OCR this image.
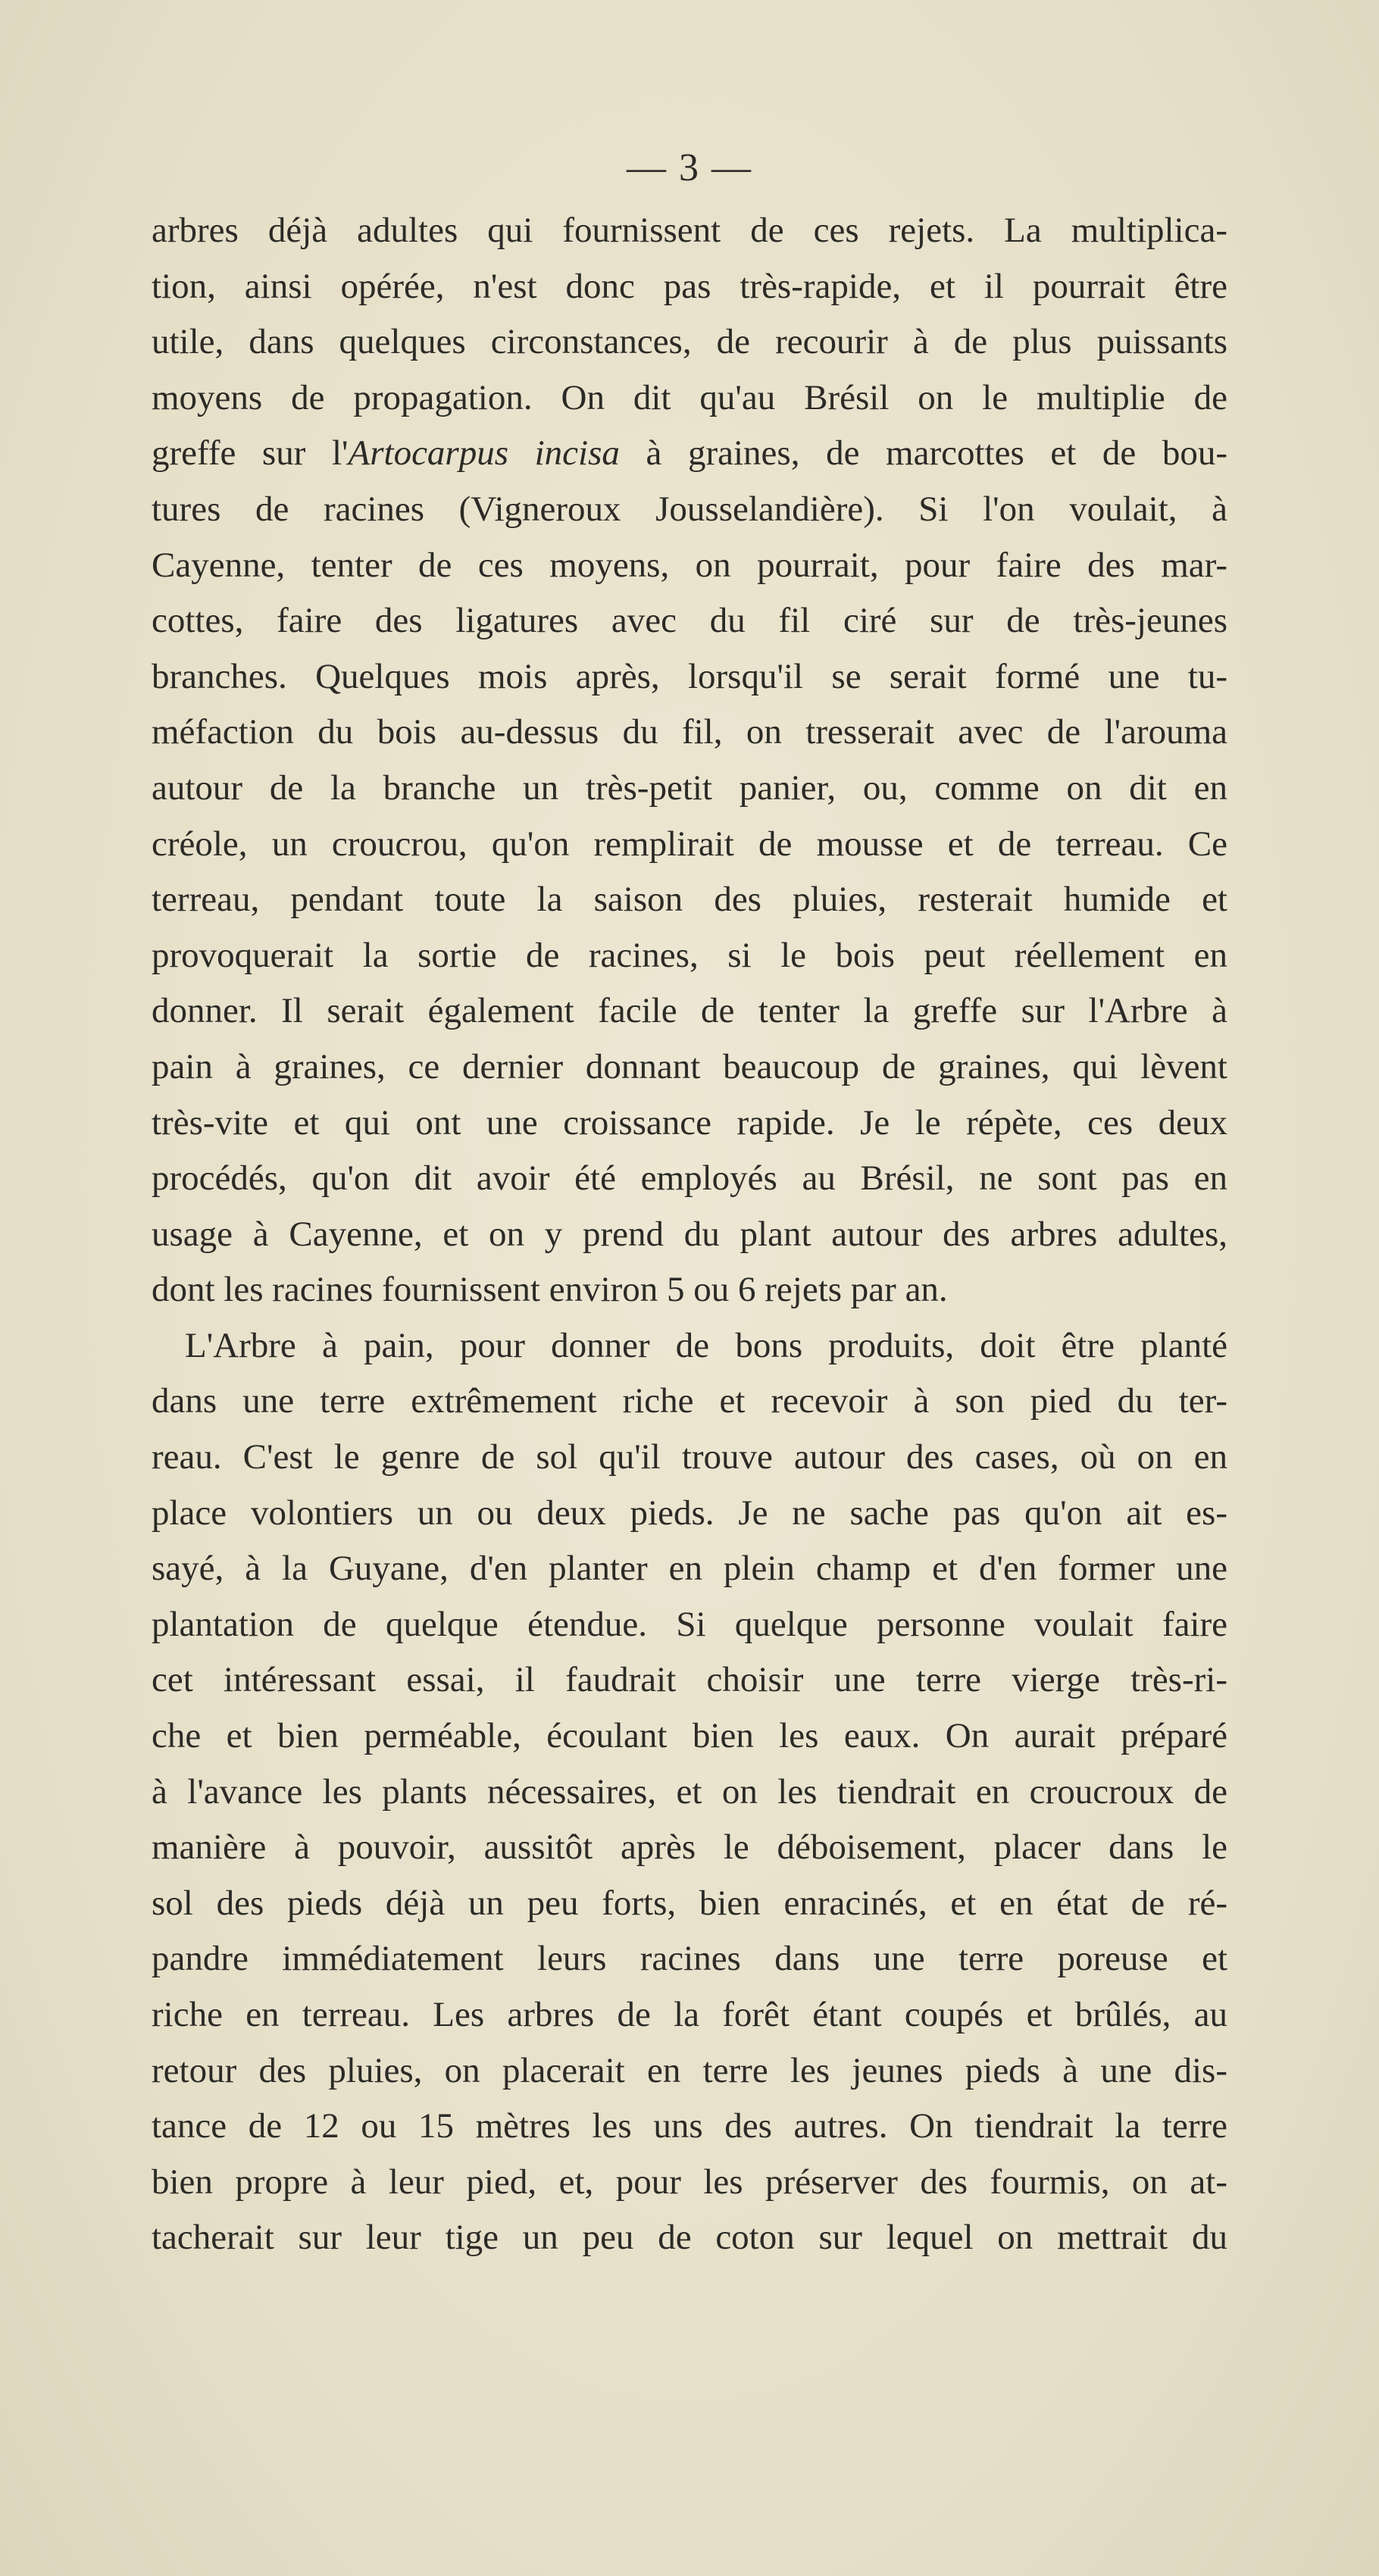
— 3 —
arbres déjà adultes qui fournissent de ces rejets. La multiplica-
tion, ainsi opérée, n'est donc pas très-rapide, et il pourrait être
utile, dans quelques circonstances, de recourir à de plus puissants
moyens de propagation. On dit qu'au Brésil on le multiplie de
greffe sur l'Artocarpus incisa à graines, de marcottes et de bou-
tures de racines (Vigneroux Jousselandière). Si l'on voulait, à
Cayenne, tenter de ces moyens, on pourrait, pour faire des mar-
cottes, faire des ligatures avec du fil ciré sur de très-jeunes
branches. Quelques mois après, lorsqu'il se serait formé une tu-
méfaction du bois au-dessus du fil, on tresserait avec de l'arouma
autour de la branche un très-petit panier, ou, comme on dit en
créole, un croucrou, qu'on remplirait de mousse et de terreau. Ce
terreau, pendant toute la saison des pluies, resterait humide et
provoquerait la sortie de racines, si le bois peut réellement en
donner. Il serait également facile de tenter la greffe sur l'Arbre à
pain à graines, ce dernier donnant beaucoup de graines, qui lèvent
très-vite et qui ont une croissance rapide. Je le répète, ces deux
procédés, qu'on dit avoir été employés au Brésil, ne sont pas en
usage à Cayenne, et on y prend du plant autour des arbres adultes,
dont les racines fournissent environ 5 ou 6 rejets par an.
L'Arbre à pain, pour donner de bons produits, doit être planté
dans une terre extrêmement riche et recevoir à son pied du ter-
reau. C'est le genre de sol qu'il trouve autour des cases, où on en
place volontiers un ou deux pieds. Je ne sache pas qu'on ait es-
sayé, à la Guyane, d'en planter en plein champ et d'en former une
plantation de quelque étendue. Si quelque personne voulait faire
cet intéressant essai, il faudrait choisir une terre vierge très-ri-
che et bien perméable, écoulant bien les eaux. On aurait préparé
à l'avance les plants nécessaires, et on les tiendrait en croucroux de
manière à pouvoir, aussitôt après le déboisement, placer dans le
sol des pieds déjà un peu forts, bien enracinés, et en état de ré-
pandre immédiatement leurs racines dans une terre poreuse et
riche en terreau. Les arbres de la forêt étant coupés et brûlés, au
retour des pluies, on placerait en terre les jeunes pieds à une dis-
tance de 12 ou 15 mètres les uns des autres. On tiendrait la terre
bien propre à leur pied, et, pour les préserver des fourmis, on at-
tacherait sur leur tige un peu de coton sur lequel on mettrait du
